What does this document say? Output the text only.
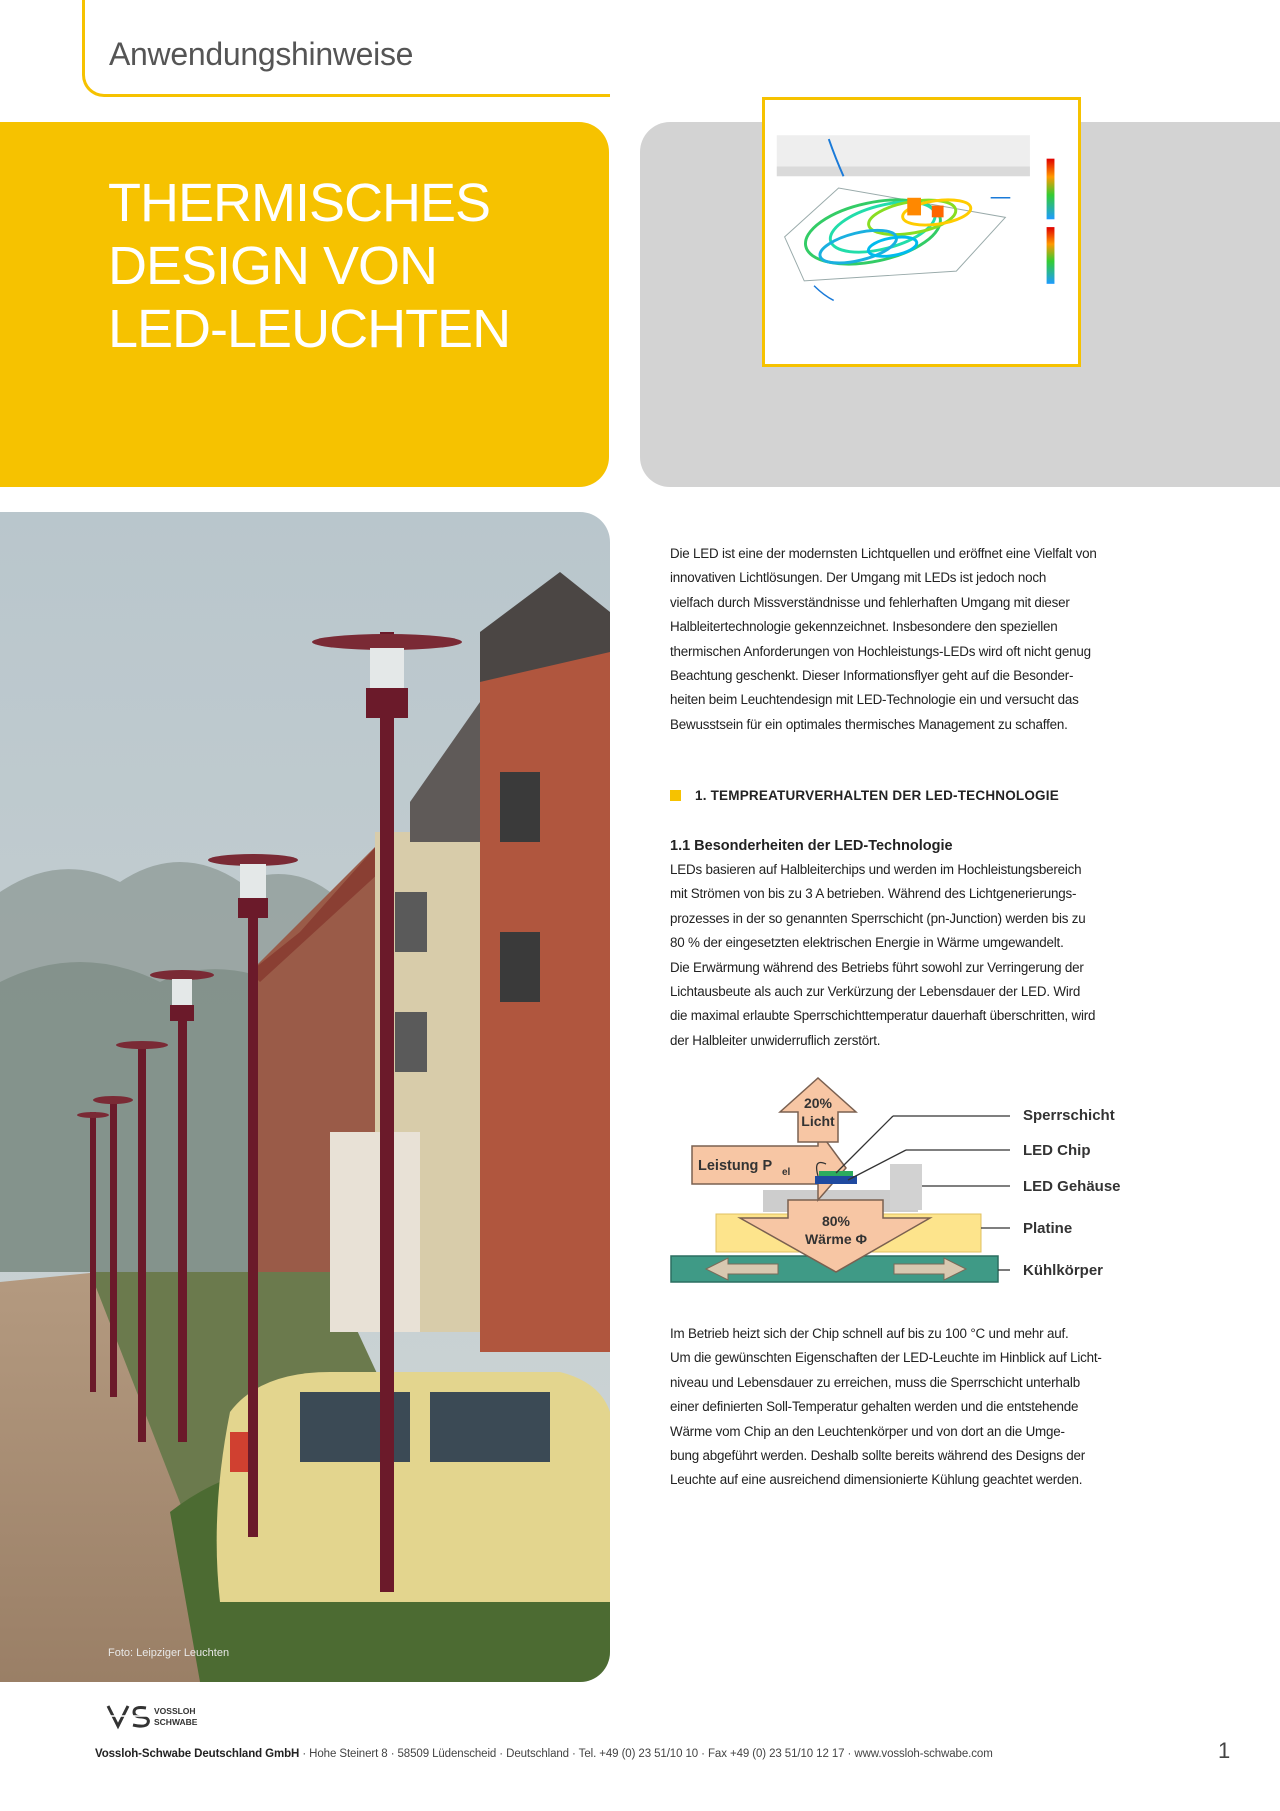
Anwendungshinweise
THERMISCHES
DESIGN VON
LED-LEUCHTEN
Foto: Leipziger Leuchten
Die LED ist eine der modernsten Lichtquellen und eröffnet eine Vielfalt von
innovativen Lichtlösungen. Der Umgang mit LEDs ist jedoch noch
vielfach durch Missverständnisse und fehlerhaften Umgang mit dieser
Halbleitertechnologie gekennzeichnet. Insbesondere den speziellen
thermischen Anforderungen von Hochleistungs-LEDs wird oft nicht genug
Beachtung geschenkt. Dieser Informationsflyer geht auf die Besonder-
heiten beim Leuchtendesign mit LED-Technologie ein und versucht das
Bewusstsein für ein optimales thermisches Management zu schaffen.
1. TEMPREATURVERHALTEN DER LED-TECHNOLOGIE
1.1 Besonderheiten der LED-Technologie
LEDs basieren auf Halbleiterchips und werden im Hochleistungsbereich
mit Strömen von bis zu 3 A betrieben. Während des Lichtgenerierungs-
prozesses in der so genannten Sperrschicht (pn-Junction) werden bis zu
80 % der eingesetzten elektrischen Energie in Wärme umgewandelt.
Die Erwärmung während des Betriebs führt sowohl zur Verringerung der
Lichtausbeute als auch zur Verkürzung der Lebensdauer der LED. Wird
die maximal erlaubte Sperrschichttemperatur dauerhaft überschritten, wird
der Halbleiter unwiderruflich zerstört.
20%
Licht
Leistung P el
80%
Wärme Φ
Sperrschicht
LED Chip
LED Gehäuse
Platine
Kühlkörper
Im Betrieb heizt sich der Chip schnell auf bis zu 100 °C und mehr auf.
Um die gewünschten Eigenschaften der LED-Leuchte im Hinblick auf Licht-
niveau und Lebensdauer zu erreichen, muss die Sperrschicht unterhalb
einer definierten Soll-Temperatur gehalten werden und die entstehende
Wärme vom Chip an den Leuchtenkörper und von dort an die Umge-
bung abgeführt werden. Deshalb sollte bereits während des Designs der
Leuchte auf eine ausreichend dimensionierte Kühlung geachtet werden.
VOSSLOH
SCHWABE
Vossloh-Schwabe Deutschland GmbH · Hohe Steinert 8 · 58509 Lüdenscheid · Deutschland · Tel. +49 (0) 23 51/10 10 · Fax +49 (0) 23 51/10 12 17 · www.vossloh-schwabe.com	1
